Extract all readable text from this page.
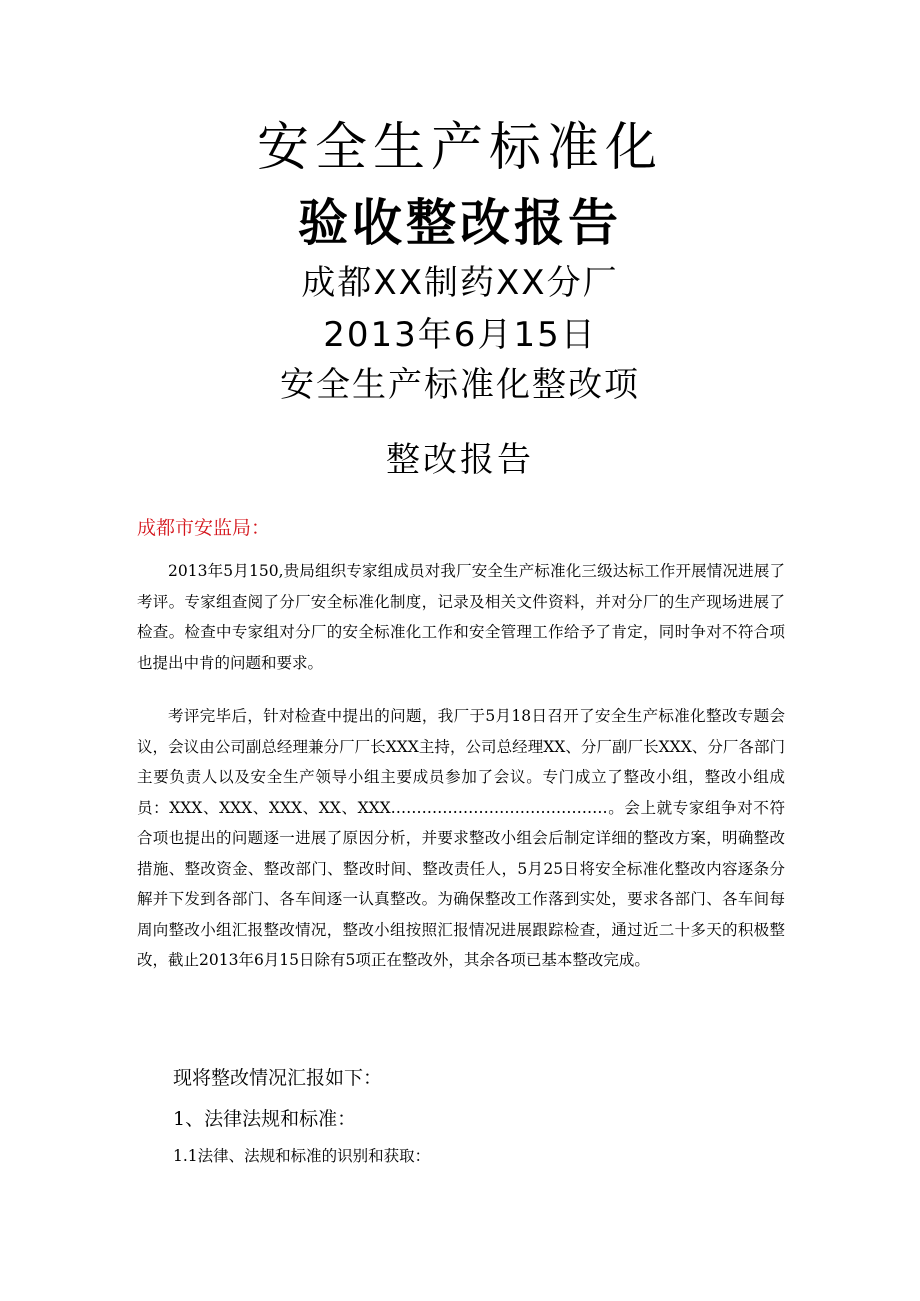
安全生产标准化
验收整改报告
成都XX制药XX分厂
2013年6月15日
安全生产标准化整改项
整改报告
成都市安监局：

2013年5月150,贵局组织专家组成员对我厂安全生产标准化三级达标工作开展情况进展了考评。专家组查阅了分厂安全标准化制度，记录及相关文件资料，并对分厂的生产现场进展了检查。检查中专家组对分厂的安全标准化工作和安全管理工作给予了肯定，同时争对不符合项也提出中肯的问题和要求。

考评完毕后，针对检查中提出的问题，我厂于5月18日召开了安全生产标准化整改专题会议，会议由公司副总经理兼分厂厂长XXX主持，公司总经理XX、分厂副厂长XXX、分厂各部门主要负责人以及安全生产领导小组主要成员参加了会议。专门成立了整改小组，整改小组成员：XXX、XXX、XXX、XX、XXX……………………………………。会上就专家组争对不符合项也提出的问题逐一进展了原因分析，并要求整改小组会后制定详细的整改方案，明确整改措施、整改资金、整改部门、整改时间、整改责任人，5月25日将安全标准化整改内容逐条分解并下发到各部门、各车间逐一认真整改。为确保整改工作落到实处，要求各部门、各车间每周向整改小组汇报整改情况，整改小组按照汇报情况进展跟踪检查，通过近二十多天的积极整改，截止2013年6月15日除有5项正在整改外，其余各项已基本整改完成。

现将整改情况汇报如下：

1、法律法规和标准：

1.1法律、法规和标准的识别和获取：
